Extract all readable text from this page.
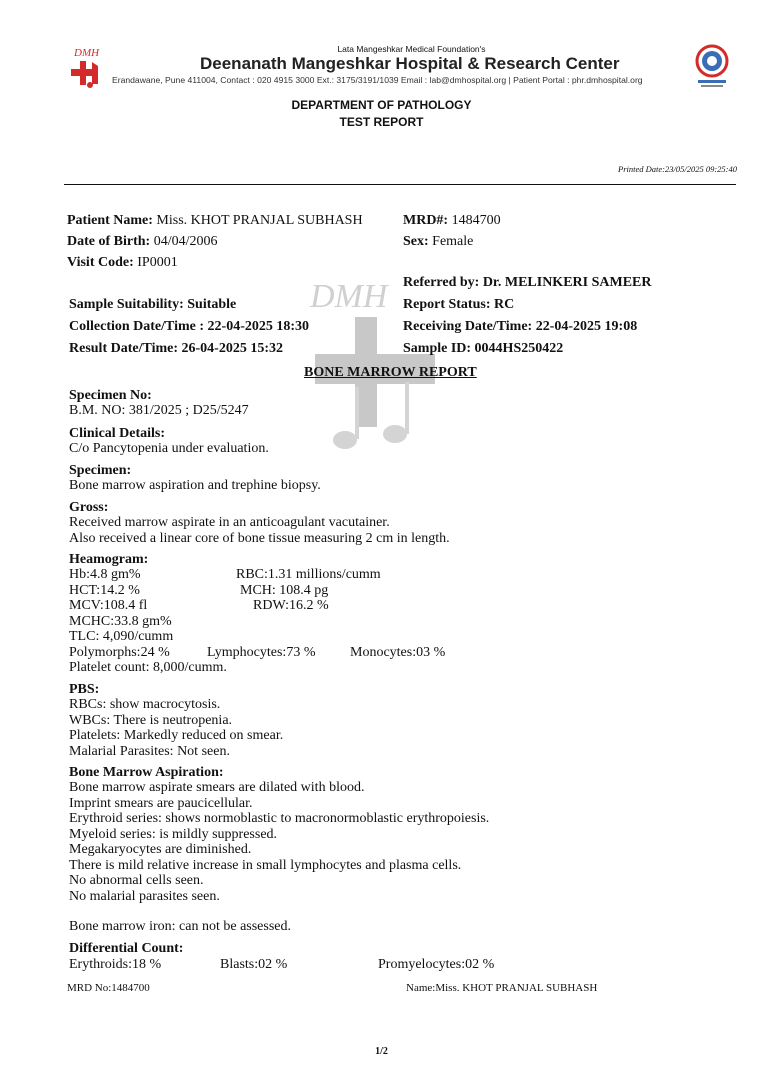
DMH	Lata Mangeshkar Medical Foundation's
Deenanath Mangeshkar Hospital & Research Center
Erandawane, Pune 411004, Contact : 020 4915 3000 Ext.: 3175/3191/1039 Email : lab@dmhospital.org | Patient Portal : phr.dmhospital.org
DEPARTMENT OF PATHOLOGY
TEST REPORT
Printed Date:23/05/2025 09:25:40
DMH
Patient Name: Miss. KHOT PRANJAL SUBHASH	MRD#: 1484700
Date of Birth: 04/04/2006	Sex: Female
Visit Code: IP0001
Referred by: Dr. MELINKERI SAMEER
Sample Suitability: Suitable	Report Status: RC
Collection Date/Time : 22-04-2025 18:30	Receiving Date/Time: 22-04-2025 19:08
Result Date/Time: 26-04-2025 15:32	Sample ID: 0044HS250422
BONE MARROW REPORT
Specimen No:
B.M. NO: 381/2025 ; D25/5247
Clinical Details:
C/o Pancytopenia under evaluation.
Specimen:
Bone marrow aspiration and trephine biopsy.
Gross:
Received marrow aspirate in an anticoagulant vacutainer.
Also received a linear core of bone tissue measuring 2 cm in length.
Heamogram:
Hb:4.8 gm%	RBC:1.31 millions/cumm
HCT:14.2 %	MCH: 108.4 pg
MCV:108.4 fl	RDW:16.2 %
MCHC:33.8 gm%
TLC: 4,090/cumm
Polymorphs:24 %	Lymphocytes:73 % Monocytes:03 %
Platelet count: 8,000/cumm.
PBS:
RBCs: show macrocytosis.
WBCs: There is neutropenia.
Platelets: Markedly reduced on smear.
Malarial Parasites: Not seen.
Bone Marrow Aspiration:
Bone marrow aspirate smears are dilated with blood.
Imprint smears are paucicellular.
Erythroid series: shows normoblastic to macronormoblastic erythropoiesis.
Myeloid series: is mildly suppressed.
Megakaryocytes are diminished.
There is mild relative increase in small lymphocytes and plasma cells.
No abnormal cells seen.
No malarial parasites seen.
Bone marrow iron: can not be assessed.
Differential Count:
Erythroids:18 %	Blasts:02 %	Promyelocytes:02 %
MRD No:1484700	Name:Miss. KHOT PRANJAL SUBHASH
1/2
